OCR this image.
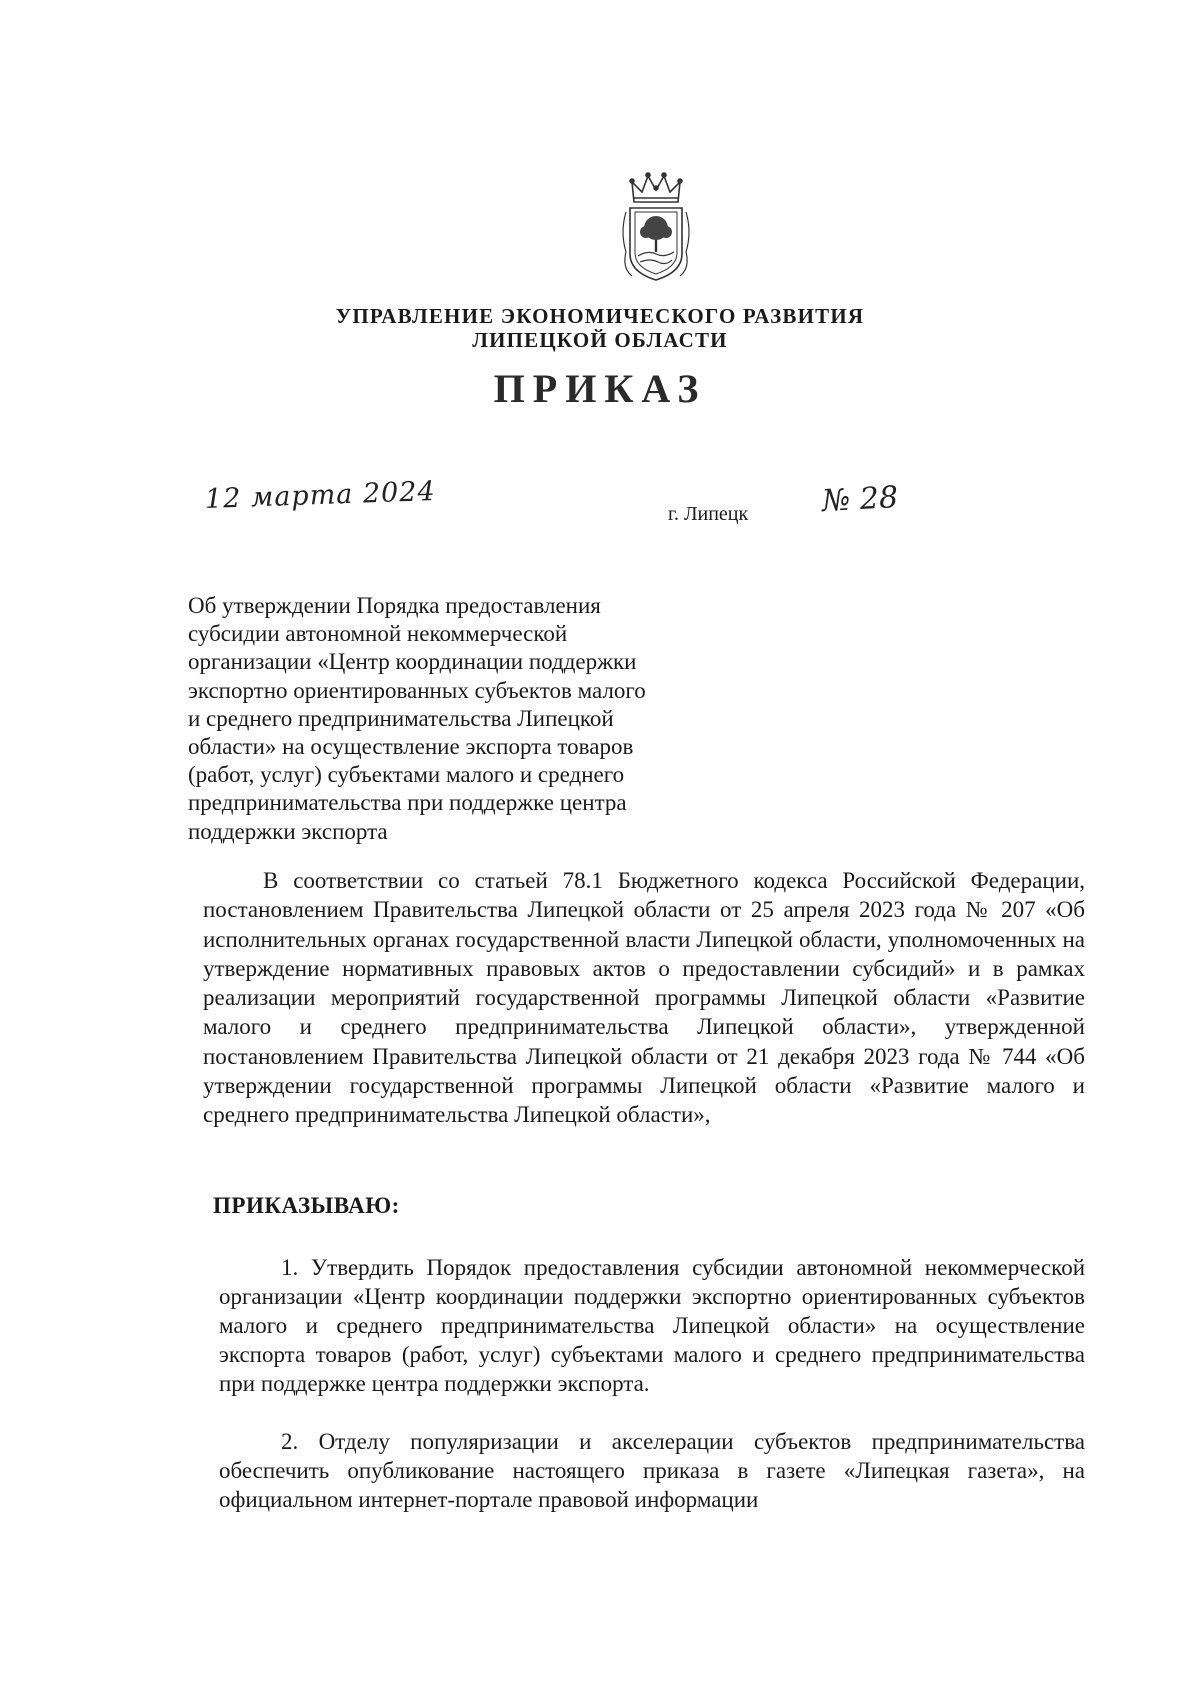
УПРАВЛЕНИЕ ЭКОНОМИЧЕСКОГО РАЗВИТИЯ
ЛИПЕЦКОЙ ОБЛАСТИ
ПРИКАЗ
12 марта 2024	г. Липецк № 28
Об утверждении Порядка предоставления
субсидии автономной некоммерческой
организации «Центр координации поддержки
экспортно ориентированных субъектов малого
и среднего предпринимательства Липецкой
области» на осуществление экспорта товаров
(работ, услуг) субъектами малого и среднего
предпринимательства при поддержке центра
поддержки экспорта
В соответствии со статьей 78.1 Бюджетного кодекса Российской Федерации, постановлением Правительства Липецкой области от 25 апреля 2023 года № 207 «Об исполнительных органах государственной власти Липецкой области, уполномоченных на утверждение нормативных правовых актов о предоставлении субсидий» и в рамках реализации мероприятий государственной программы Липецкой области «Развитие малого и среднего предпринимательства Липецкой области», утвержденной постановлением Правительства Липецкой области от 21 декабря 2023 года № 744 «Об утверждении государственной программы Липецкой области «Развитие малого и среднего предпринимательства Липецкой области»,
ПРИКАЗЫВАЮ:
1. Утвердить Порядок предоставления субсидии автономной некоммерческой организации «Центр координации поддержки экспортно ориентированных субъектов малого и среднего предпринимательства Липецкой области» на осуществление экспорта товаров (работ, услуг) субъектами малого и среднего предпринимательства при поддержке центра поддержки экспорта.
2. Отделу популяризации и акселерации субъектов предпринимательства обеспечить опубликование настоящего приказа в газете «Липецкая газета», на официальном интернет-портале правовой информации
